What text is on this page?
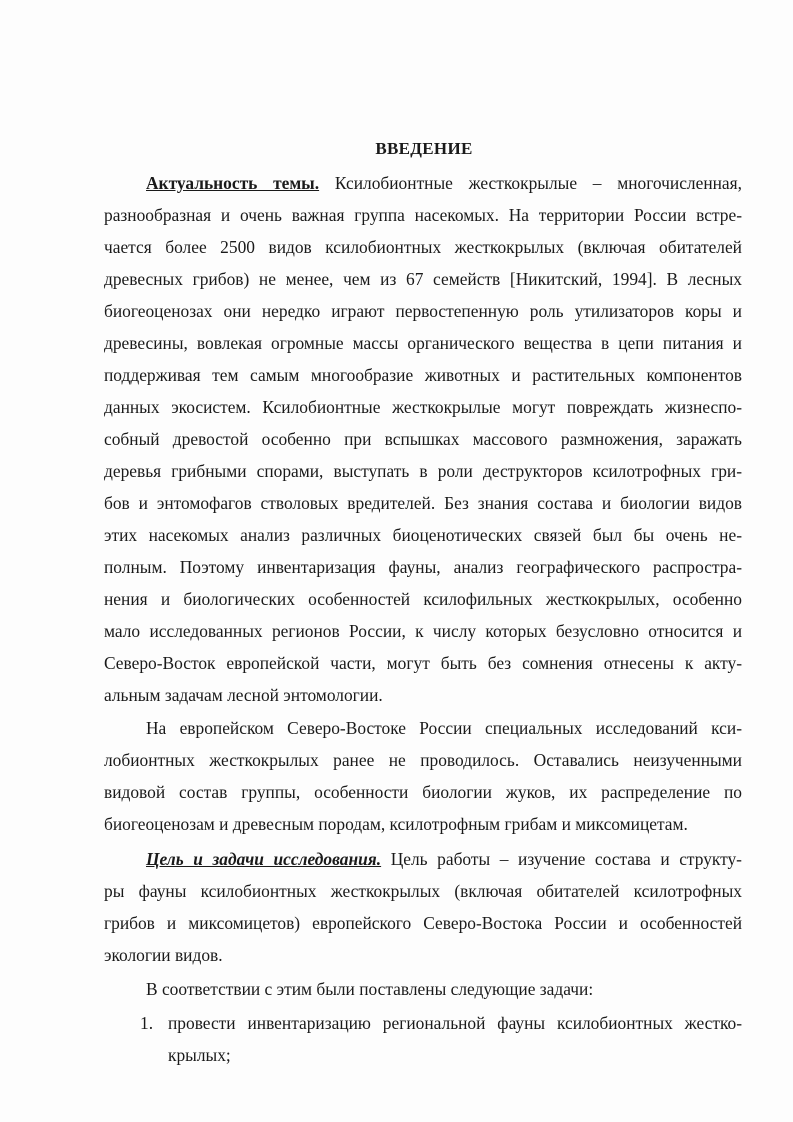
ВВЕДЕНИЕ
Актуальность темы. Ксилобионтные жесткокрылые – многочисленная,
разнообразная и очень важная группа насекомых. На территории России встре-
чается более 2500 видов ксилобионтных жесткокрылых (включая обитателей
древесных грибов) не менее, чем из 67 семейств [Никитский, 1994]. В лесных
биогеоценозах они нередко играют первостепенную роль утилизаторов коры и
древесины, вовлекая огромные массы органического вещества в цепи питания и
поддерживая тем самым многообразие животных и растительных компонентов
данных экосистем. Ксилобионтные жесткокрылые могут повреждать жизнеспо-
собный древостой особенно при вспышках массового размножения, заражать
деревья грибными спорами, выступать в роли деструкторов ксилотрофных гри-
бов и энтомофагов стволовых вредителей. Без знания состава и биологии видов
этих насекомых анализ различных биоценотических связей был бы очень не-
полным. Поэтому инвентаризация фауны, анализ географического распростра-
нения и биологических особенностей ксилофильных жесткокрылых, особенно
мало исследованных регионов России, к числу которых безусловно относится и
Северо-Восток европейской части, могут быть без сомнения отнесены к акту-
альным задачам лесной энтомологии.
На европейском Северо-Востоке России специальных исследований кси-
лобионтных жесткокрылых ранее не проводилось. Оставались неизученными
видовой состав группы, особенности биологии жуков, их распределение по
биогеоценозам и древесным породам, ксилотрофным грибам и миксомицетам.
Цель и задачи исследования. Цель работы – изучение состава и структу-
ры фауны ксилобионтных жесткокрылых (включая обитателей ксилотрофных
грибов и миксомицетов) европейского Северо-Востока России и особенностей
экологии видов.
В соответствии с этим были поставлены следующие задачи:
1. провести инвентаризацию региональной фауны ксилобионтных жестко-
крылых;
